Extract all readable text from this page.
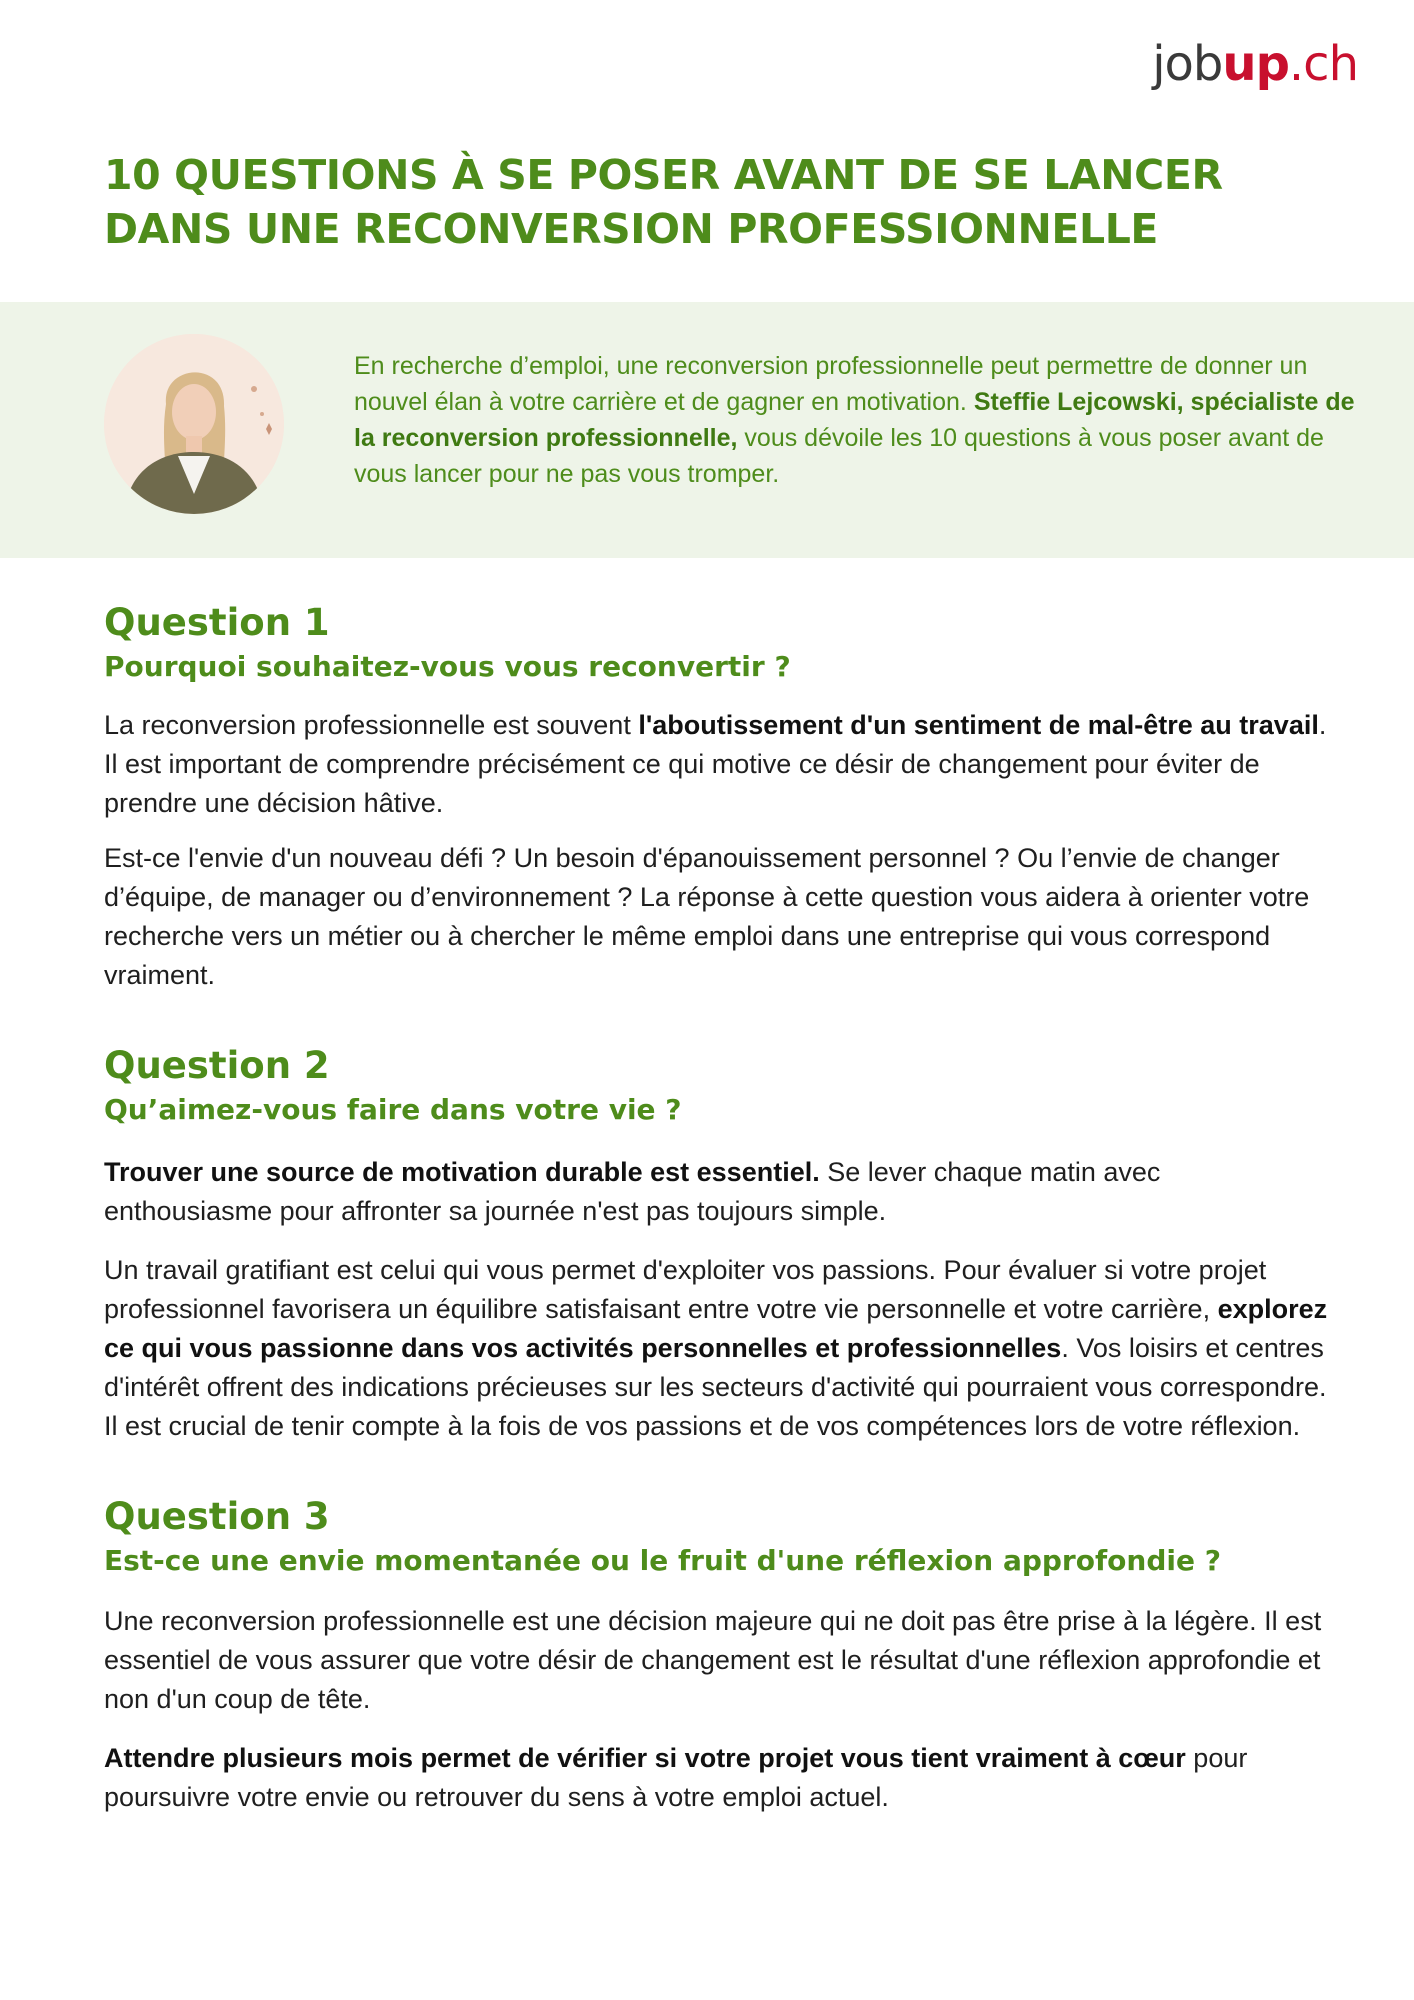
jobup.ch
10 QUESTIONS À SE POSER AVANT DE SE LANCER
DANS UNE RECONVERSION PROFESSIONNELLE

En recherche d’emploi, une reconversion professionnelle peut permettre de donner un nouvel élan à votre carrière et de gagner en motivation. Steffie Lejcowski, spécialiste de la reconversion professionnelle, vous dévoile les 10 questions à vous poser avant de vous lancer pour ne pas vous tromper.

Question 1
Pourquoi souhaitez-vous vous reconvertir ?

La reconversion professionnelle est souvent l'aboutissement d'un sentiment de mal-être au travail. Il est important de comprendre précisément ce qui motive ce désir de changement pour éviter de prendre une décision hâtive.

Est-ce l'envie d'un nouveau défi ? Un besoin d'épanouissement personnel ? Ou l’envie de changer d’équipe, de manager ou d’environnement ? La réponse à cette question vous aidera à orienter votre recherche vers un métier ou à chercher le même emploi dans une entreprise qui vous correspond vraiment.

Question 2
Qu’aimez-vous faire dans votre vie ?

Trouver une source de motivation durable est essentiel. Se lever chaque matin avec enthousiasme pour affronter sa journée n'est pas toujours simple.

Un travail gratifiant est celui qui vous permet d'exploiter vos passions. Pour évaluer si votre projet professionnel favorisera un équilibre satisfaisant entre votre vie personnelle et votre carrière, explorez ce qui vous passionne dans vos activités personnelles et professionnelles. Vos loisirs et centres d'intérêt offrent des indications précieuses sur les secteurs d'activité qui pourraient vous correspondre. Il est crucial de tenir compte à la fois de vos passions et de vos compétences lors de votre réflexion.

Question 3
Est-ce une envie momentanée ou le fruit d'une réflexion approfondie ?

Une reconversion professionnelle est une décision majeure qui ne doit pas être prise à la légère. Il est essentiel de vous assurer que votre désir de changement est le résultat d'une réflexion approfondie et non d'un coup de tête.

Attendre plusieurs mois permet de vérifier si votre projet vous tient vraiment à cœur pour poursuivre votre envie ou retrouver du sens à votre emploi actuel.
